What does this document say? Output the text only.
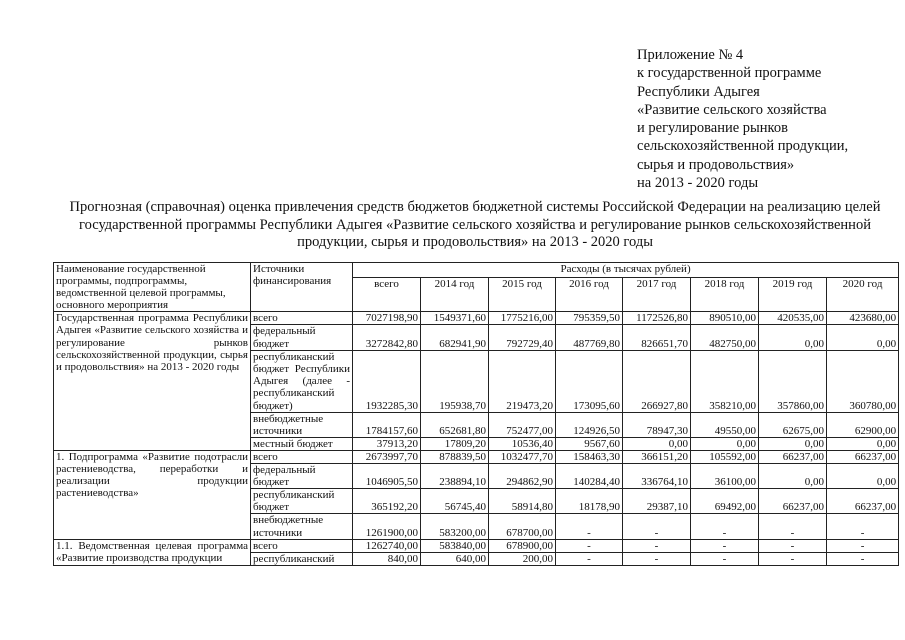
Приложение № 4
к государственной программе
Республики Адыгея
«Развитие сельского хозяйства
и регулирование рынков
сельскохозяйственной продукции,
сырья и продовольствия»
на 2013 - 2020 годы
Прогнозная (справочная) оценка привлечения средств бюджетов бюджетной системы Российской Федерации на реализацию целей государственной программы Республики Адыгея «Развитие сельского хозяйства и регулирование рынков сельскохозяйственной продукции, сырья и продовольствия» на 2013 - 2020 годы
Наименование государственной программы, подпрограммы, ведомственной целевой программы, основного мероприятия	Источники финансирования	Расходы (в тысячах рублей)							
		всего	2014 год	2015 год	2016 год	2017 год	2018 год	2019 год	2020 год
Государственная программа Республики Адыгея «Развитие сельского хозяйства и регулирование рынков сельскохозяйственной продукции, сырья и продовольствия» на 2013 - 2020 годы	всего	7027198,90	1549371,60	1775216,00	795359,50	1172526,80	890510,00	420535,00	423680,00
	федеральный бюджет	3272842,80	682941,90	792729,40	487769,80	826651,70	482750,00	0,00	0,00
	республиканский бюджет Республики Адыгея (далее - республиканский бюджет)	1932285,30	195938,70	219473,20	173095,60	266927,80	358210,00	357860,00	360780,00
	внебюджетные источники	1784157,60	652681,80	752477,00	124926,50	78947,30	49550,00	62675,00	62900,00
	местный бюджет	37913,20	17809,20	10536,40	9567,60	0,00	0,00	0,00	0,00
1. Подпрограмма «Развитие подотрасли растениеводства, переработки и реализации продукции растениеводства»	всего	2673997,70	878839,50	1032477,70	158463,30	366151,20	105592,00	66237,00	66237,00
	федеральный бюджет	1046905,50	238894,10	294862,90	140284,40	336764,10	36100,00	0,00	0,00
	республиканский бюджет	365192,20	56745,40	58914,80	18178,90	29387,10	69492,00	66237,00	66237,00
	внебюджетные источники	1261900,00	583200,00	678700,00	-	-	-	-	-
1.1. Ведомственная целевая программа «Развитие производства продукции	всего	1262740,00	583840,00	678900,00	-	-	-	-	-
	республиканский	840,00	640,00	200,00	-	-	-	-	-
